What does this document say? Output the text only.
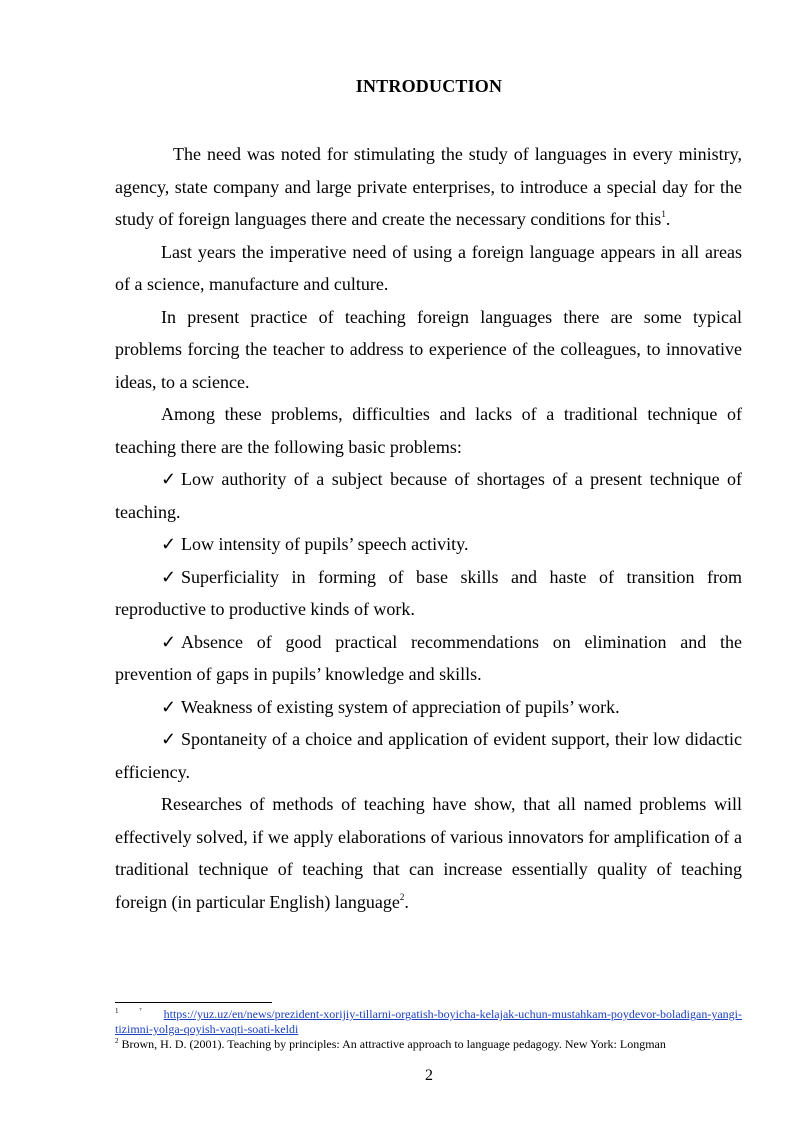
INTRODUCTION

The need was noted for stimulating the study of languages in every ministry, agency, state company and large private enterprises, to introduce a special day for the study of foreign languages there and create the necessary conditions for this$^1$.

Last years the imperative need of using a foreign language appears in all areas of a science, manufacture and culture.

In present practice of teaching foreign languages there are some typical problems forcing the teacher to address to experience of the colleagues, to innovative ideas, to a science.

Among these problems, difficulties and lacks of a traditional technique of teaching there are the following basic problems:

✓ Low authority of a subject because of shortages of a present technique of teaching.

✓ Low intensity of pupils’ speech activity.

✓ Superficiality in forming of base skills and haste of transition from reproductive to productive kinds of work.

✓ Absence of good practical recommendations on elimination and the prevention of gaps in pupils’ knowledge and skills.

✓ Weakness of existing system of appreciation of pupils’ work.

✓ Spontaneity of a choice and application of evident support, their low didactic efficiency.

Researches of methods of teaching have show, that all named problems will effectively solved, if we apply elaborations of various innovators for amplification of a traditional technique of teaching that can increase essentially quality of teaching foreign (in particular English) language$^2$.

$^{1 ^7}$ https://yuz.uz/en/news/prezident-xorijiy-tillarni-orgatish-boyicha-kelajak-uchun-mustahkam-poydevor-boladigan-yangi-tizimni-yolga-qoyish-vaqti-soati-keldi

$^2$ Brown, H. D. (2001). Teaching by principles: An attractive approach to language pedagogy. New York: Longman

2
